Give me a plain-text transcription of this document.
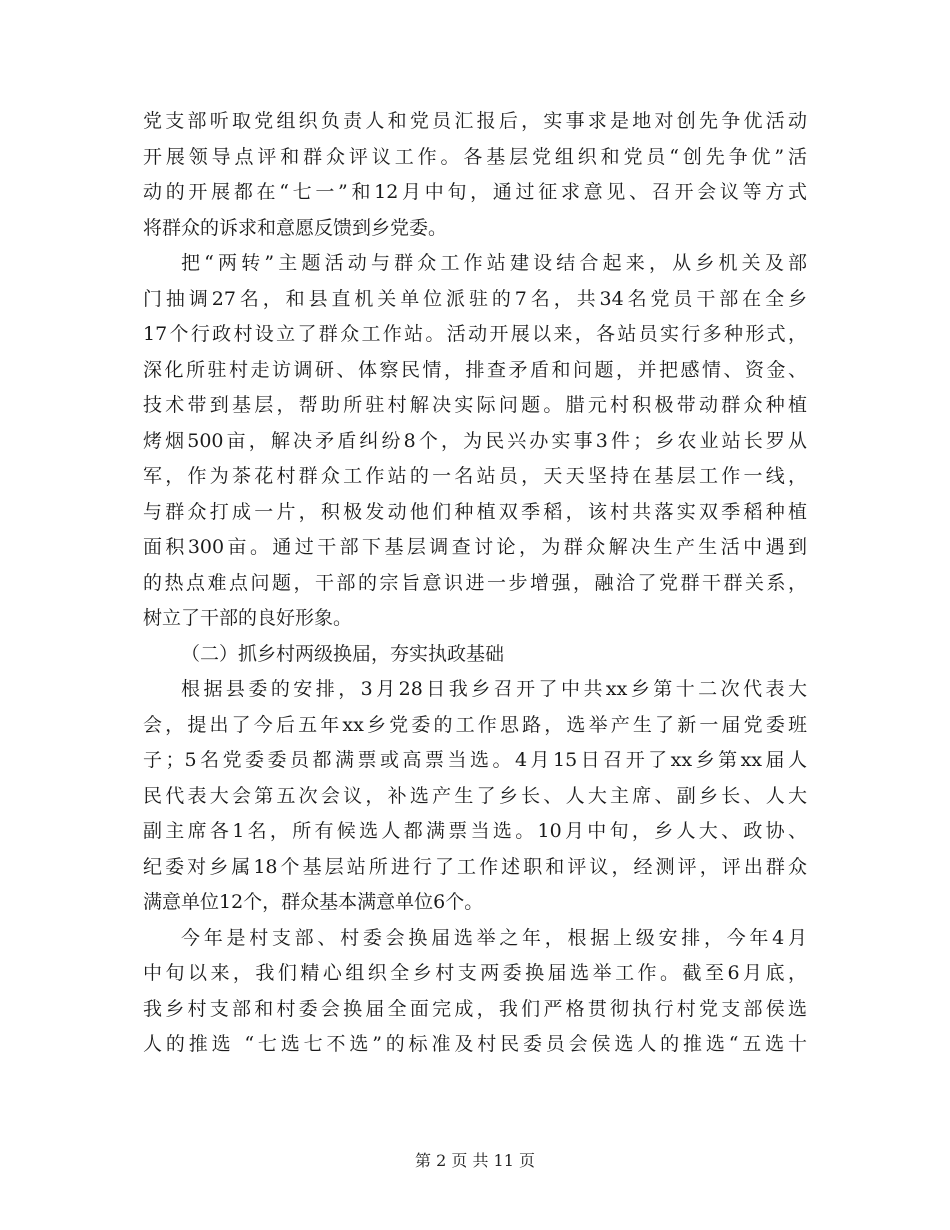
党支部听取党组织负责人和党员汇报后，实事求是地对创先争优活动
开展领导点评和群众评议工作。各基层党组织和党员“创先争优”活
动的开展都在“七一”和12月中旬，通过征求意见、召开会议等方式
将群众的诉求和意愿反馈到乡党委。
把“两转”主题活动与群众工作站建设结合起来，从乡机关及部
门抽调27名，和县直机关单位派驻的7名，共34名党员干部在全乡
17个行政村设立了群众工作站。活动开展以来，各站员实行多种形式，
深化所驻村走访调研、体察民情，排查矛盾和问题，并把感情、资金、
技术带到基层，帮助所驻村解决实际问题。腊元村积极带动群众种植
烤烟500亩，解决矛盾纠纷8个，为民兴办实事3件；乡农业站长罗从
军，作为茶花村群众工作站的一名站员，天天坚持在基层工作一线，
与群众打成一片，积极发动他们种植双季稻，该村共落实双季稻种植
面积300亩。通过干部下基层调查讨论，为群众解决生产生活中遇到
的热点难点问题，干部的宗旨意识进一步增强，融洽了党群干群关系，
树立了干部的良好形象。
（二）抓乡村两级换届，夯实执政基础
根据县委的安排，3月28日我乡召开了中共xx乡第十二次代表大
会，提出了今后五年xx乡党委的工作思路，选举产生了新一届党委班
子；5名党委委员都满票或高票当选。4月15日召开了xx乡第xx届人
民代表大会第五次会议，补选产生了乡长、人大主席、副乡长、人大
副主席各1名，所有候选人都满票当选。10月中旬，乡人大、政协、
纪委对乡属18个基层站所进行了工作述职和评议，经测评，评出群众
满意单位12个，群众基本满意单位6个。
今年是村支部、村委会换届选举之年，根据上级安排，今年4月
中旬以来，我们精心组织全乡村支两委换届选举工作。截至6月底，
我乡村支部和村委会换届全面完成，我们严格贯彻执行村党支部侯选
人的推选 “七选七不选”的标准及村民委员会侯选人的推选“五选十
第 2 页 共 11 页
